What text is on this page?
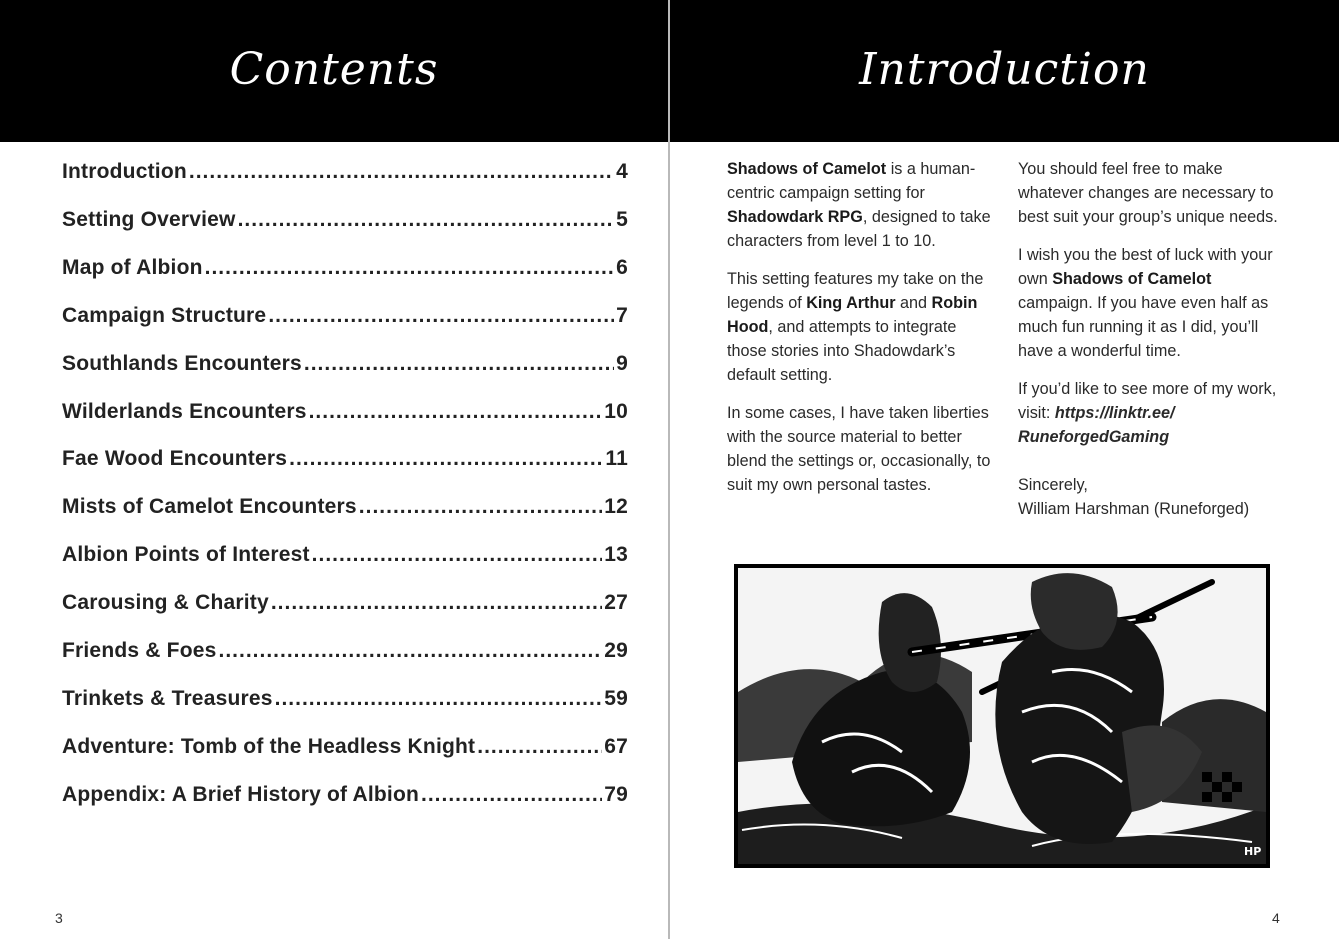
Contents
Introduction .....	4
Setting Overview .....	5
Map of Albion .....	6
Campaign Structure .....	7
Southlands Encounters .....	9
Wilderlands Encounters .....	10
Fae Wood Encounters .....	11
Mists of Camelot Encounters .....	12
Albion Points of Interest .....	13
Carousing & Charity .....	27
Friends & Foes .....	29
Trinkets & Treasures .....	59
Adventure: Tomb of the Headless Knight .....	67
Appendix: A Brief History of Albion .....	79
3
Introduction

Shadows of Camelot is a human-centric campaign setting for Shadowdark RPG, designed to take characters from level 1 to 10.

This setting features my take on the legends of King Arthur and Robin Hood, and attempts to integrate those stories into Shadowdark’s default setting.

In some cases, I have taken liberties with the source material to better blend the settings or, occasionally, to suit my own personal tastes.

You should feel free to make whatever changes are necessary to best suit your group’s unique needs.

I wish you the best of luck with your own Shadows of Camelot campaign. If you have even half as much fun running it as I did, you’ll have a wonderful time.

If you’d like to see more of my work, visit: https://linktr.ee/
RuneforgedGaming

Sincerely,
William Harshman (Runeforged)
HP
4
